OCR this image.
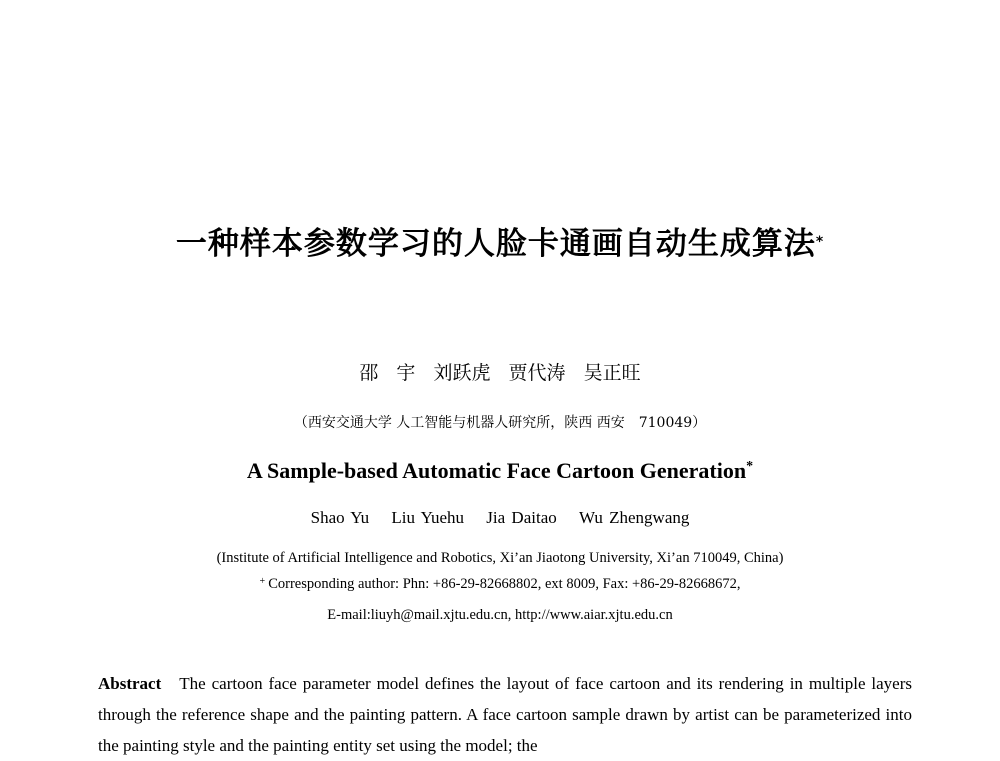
一种样本参数学习的人脸卡通画自动生成算法*
邵 宇 刘跃虎 贾代涛 吴正旺
（西安交通大学 人工智能与机器人研究所，陕西 西安　710049）
A Sample-based Automatic Face Cartoon Generation*
Shao Yu Liu Yuehu Jia Daitao Wu Zhengwang
(Institute of Artificial Intelligence and Robotics, Xi’an Jiaotong University, Xi’an 710049, China)
+ Corresponding author: Phn: +86-29-82668802, ext 8009, Fax: +86-29-82668672,
E-mail:liuyh@mail.xjtu.edu.cn, http://www.aiar.xjtu.edu.cn
Abstract The cartoon face parameter model defines the layout of face cartoon and its rendering in multiple layers through the reference shape and the painting pattern. A face cartoon sample drawn by artist can be parameterized into the painting style and the painting entity set using the model; the
